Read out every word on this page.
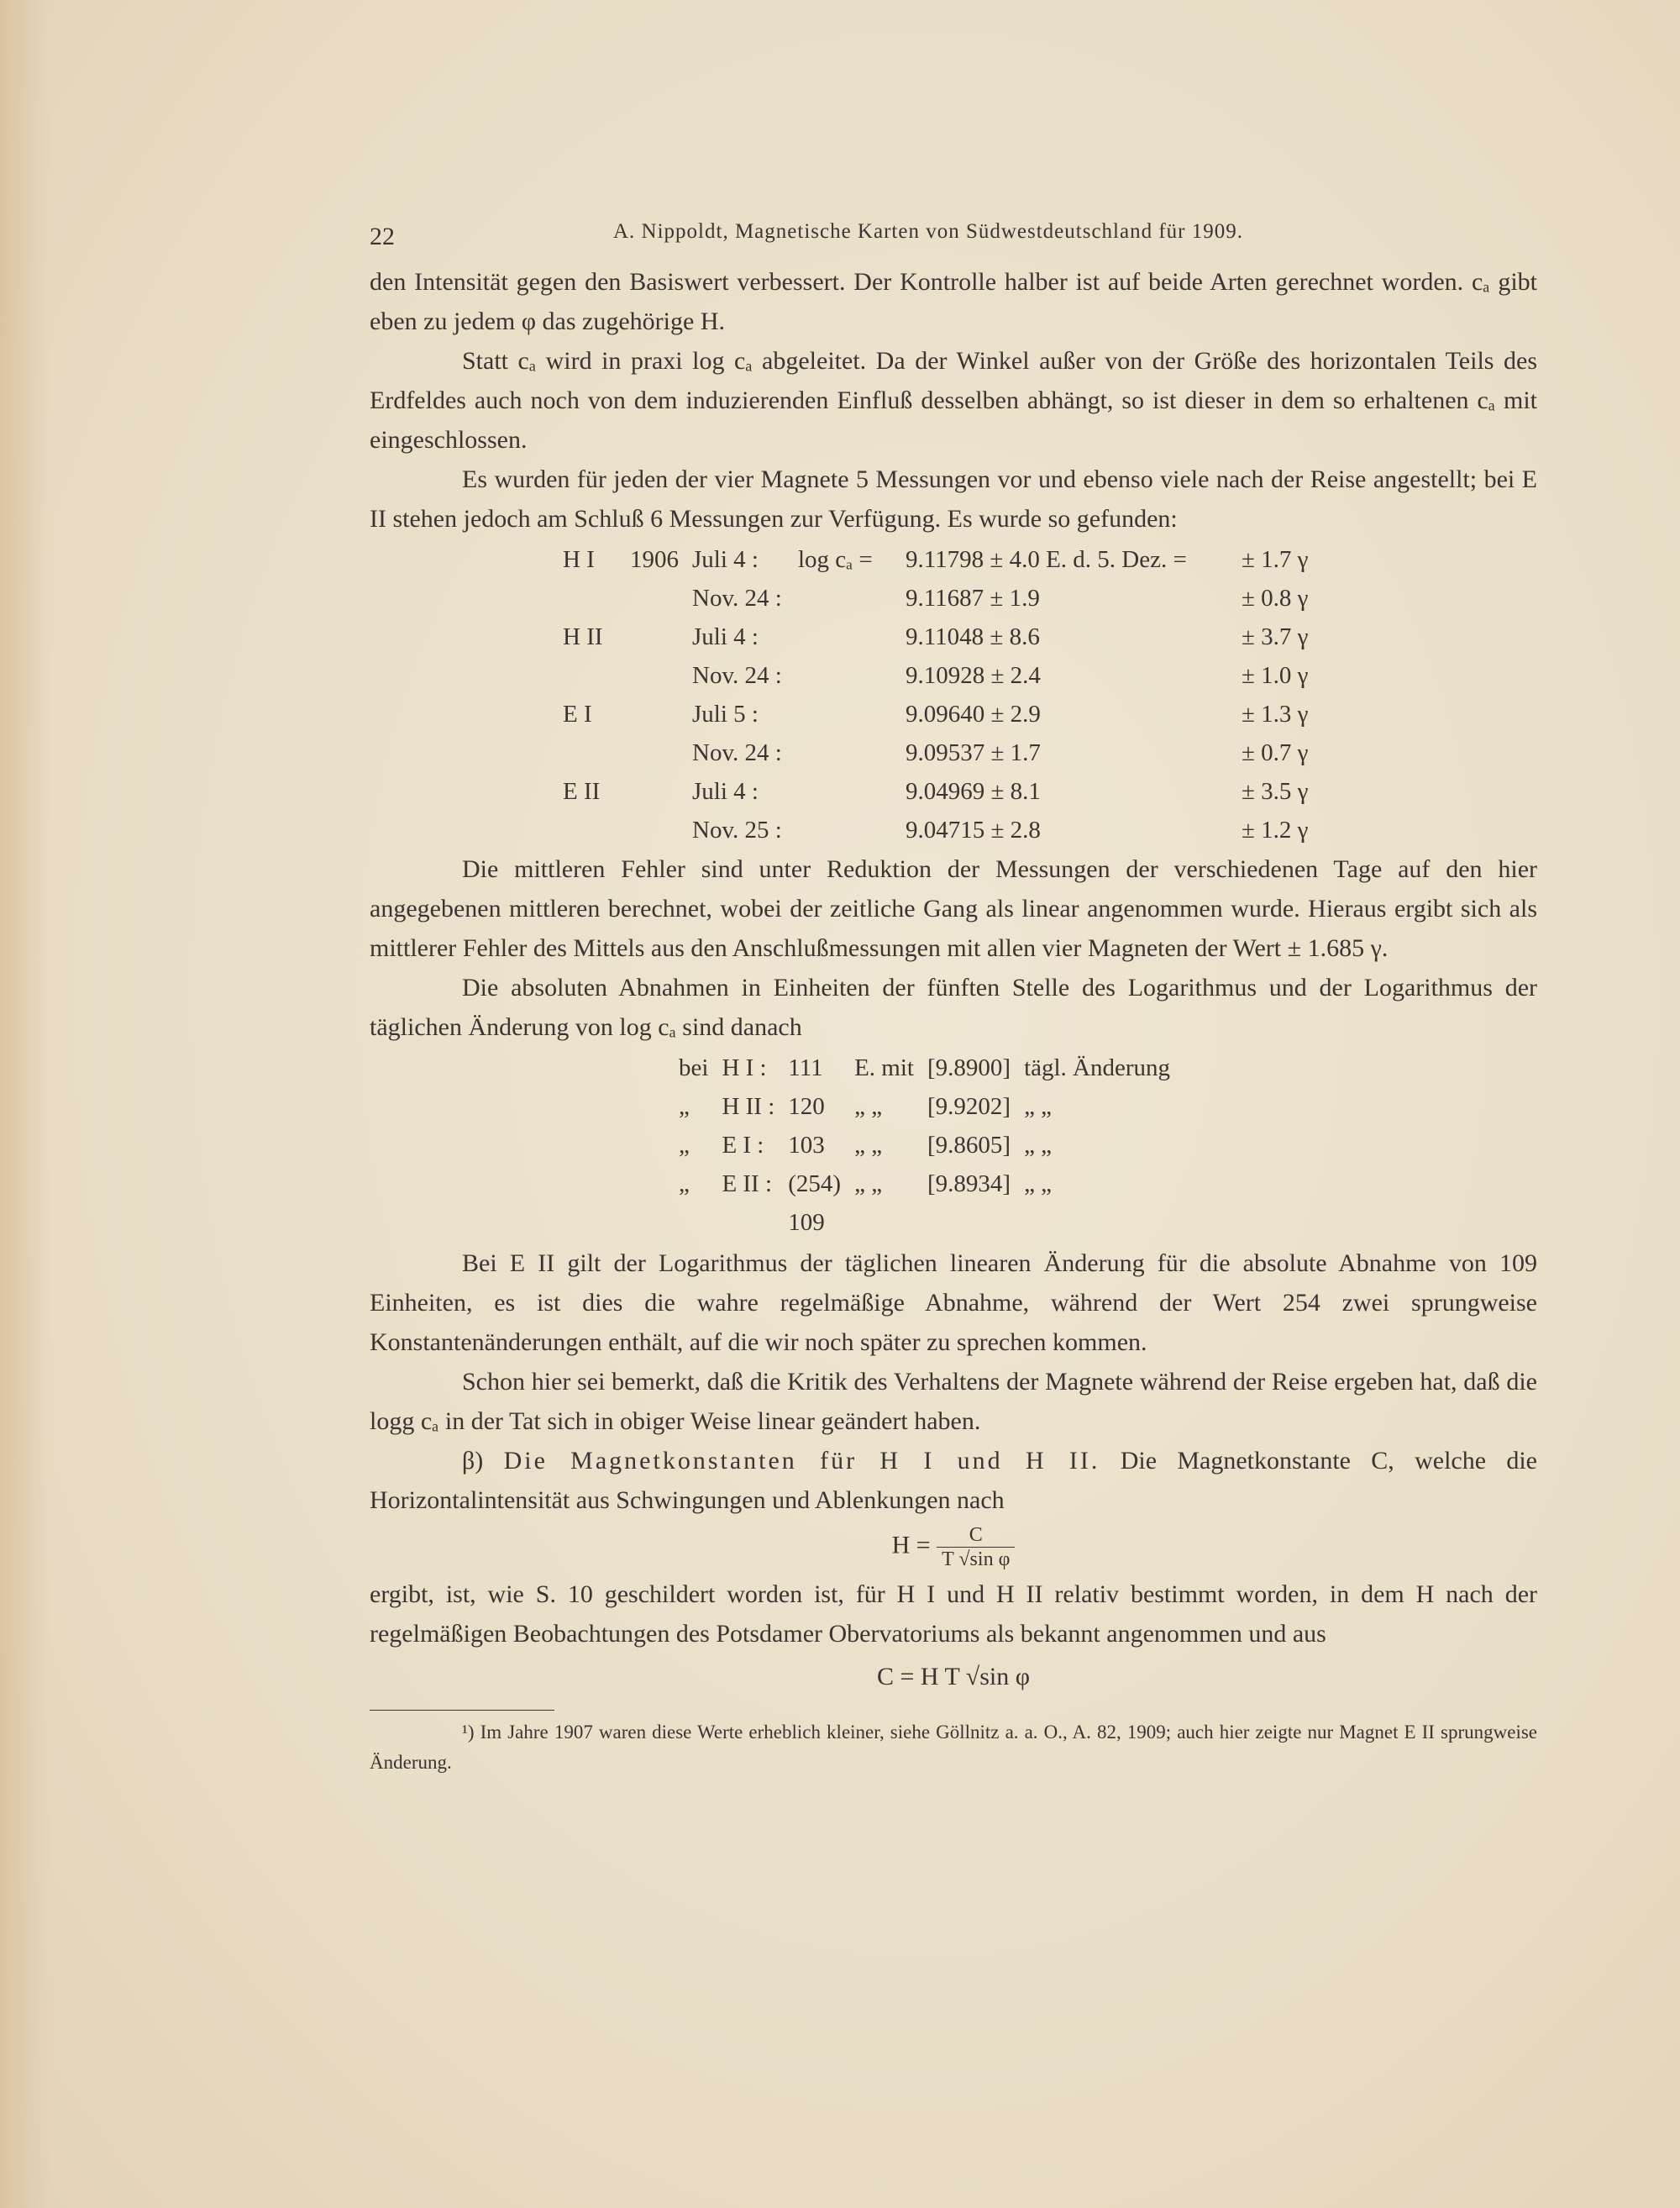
22	A. Nippoldt, Magnetische Karten von Südwestdeutschland für 1909.

den Intensität gegen den Basiswert verbessert. Der Kontrolle halber ist auf beide Arten gerechnet worden. cₐ gibt eben zu jedem φ das zugehörige H.

Statt cₐ wird in praxi log cₐ abgeleitet. Da der Winkel außer von der Größe des horizontalen Teils des Erdfeldes auch noch von dem induzierenden Einfluß desselben abhängt, so ist dieser in dem so erhaltenen cₐ mit eingeschlossen.

Es wurden für jeden der vier Magnete 5 Messungen vor und ebenso viele nach der Reise angestellt; bei E II stehen jedoch am Schluß 6 Messungen zur Verfügung. Es wurde so gefunden:

H I	1906	Juli 4 :	log cₐ =	9.11798 ± 4.0 E. d. 5. Dez. =	± 1.7 γ
		Nov. 24 :		9.11687 ± 1.9	± 0.8 γ
H II		Juli 4 :		9.11048 ± 8.6	± 3.7 γ
		Nov. 24 :		9.10928 ± 2.4	± 1.0 γ
E I		Juli 5 :		9.09640 ± 2.9	± 1.3 γ
		Nov. 24 :		9.09537 ± 1.7	± 0.7 γ
E II		Juli 4 :		9.04969 ± 8.1	± 3.5 γ
		Nov. 25 :		9.04715 ± 2.8	± 1.2 γ

Die mittleren Fehler sind unter Reduktion der Messungen der verschiedenen Tage auf den hier angegebenen mittleren berechnet, wobei der zeitliche Gang als linear angenommen wurde. Hieraus ergibt sich als mittlerer Fehler des Mittels aus den Anschlußmessungen mit allen vier Magneten der Wert ± 1.685 γ.

Die absoluten Abnahmen in Einheiten der fünften Stelle des Logarithmus und der Logarithmus der täglichen Änderung von log cₐ sind danach

bei	H I :	111	E. mit	[9.8900]	tägl. Änderung
„	H II :	120	„ „	[9.9202]	„ „
„	E I :	103	„ „	[9.8605]	„ „
„	E II :	(254)	„ „	[9.8934]	„ „
		109			

Bei E II gilt der Logarithmus der täglichen linearen Änderung für die absolute Abnahme von 109 Einheiten, es ist dies die wahre regelmäßige Abnahme, während der Wert 254 zwei sprungweise Konstantenänderungen enthält, auf die wir noch später zu sprechen kommen.

Schon hier sei bemerkt, daß die Kritik des Verhaltens der Magnete während der Reise ergeben hat, daß die logg cₐ in der Tat sich in obiger Weise linear geändert haben.

β) Die Magnetkonstanten für H I und H II. Die Magnetkonstante C, welche die Horizontalintensität aus Schwingungen und Ablenkungen nach

$H = \frac{C}{\text{T √sin φ}}$

ergibt, ist, wie S. 10 geschildert worden ist, für H I und H II relativ bestimmt worden, in dem H nach der regelmäßigen Beobachtungen des Potsdamer Obervatoriums als bekannt angenommen und aus

C = H T √sin φ

¹) Im Jahre 1907 waren diese Werte erheblich kleiner, siehe Göllnitz a. a. O., A. 82, 1909; auch hier zeigte nur Magnet E II sprungweise Änderung.
